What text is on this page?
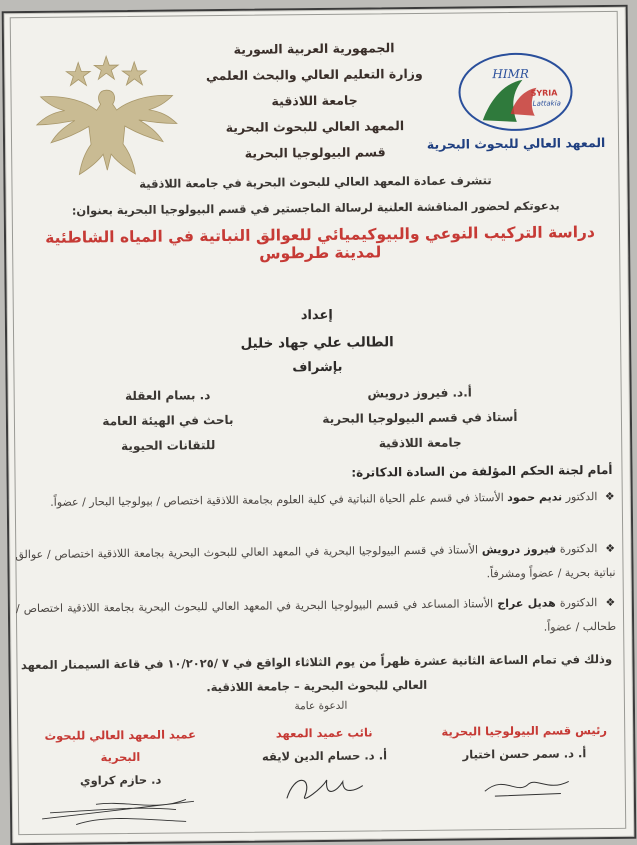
HIMR
SYRIA
Lattakia
المعهد العالي للبحوث البحرية
الجمهورية العربية السورية
وزارة التعليم العالي والبحث العلمي
جامعة اللاذقية
المعهد العالي للبحوث البحرية
قسم البيولوجيا البحرية
تتشرف عمادة المعهد العالي للبحوث البحرية في جامعة اللاذقية
بدعوتكم لحضور المناقشة العلنية لرسالة الماجستير في قسم البيولوجيا البحرية بعنوان:
دراسة التركيب النوعي والبيوكيميائي للعوالق النباتية في المياه الشاطئية لمدينة طرطوس
إعداد
الطالب علي جهاد خليل
بإشراف
أ.د. فيروز درويش
أستاذ في قسم البيولوجيا البحرية
جامعة اللاذقية
د. بسام العقلة
باحث في الهيئة العامة
للتقانات الحيوية
أمام لجنة الحكم المؤلفة من السادة الدكاترة:
❖ الدكتور نديم حمود الأستاذ في قسم علم الحياة النباتية في كلية العلوم بجامعة اللاذقية اختصاص / بيولوجيا البحار / عضواً.
❖ الدكتورة فيروز درويش الأستاذ في قسم البيولوجيا البحرية في المعهد العالي للبحوث البحرية بجامعة اللاذقية اختصاص / عوالق نباتية بحرية / عضواً ومشرفاً.
❖ الدكتورة هديل عراج الأستاذ المساعد في قسم البيولوجيا البحرية في المعهد العالي للبحوث البحرية بجامعة اللاذقية اختصاص / طحالب / عضواً.
وذلك في تمام الساعة الثانية عشرة ظهراً من يوم الثلاثاء الواقع في ٧ /١٠/٢٠٢٥ في قاعة السيمنار المعهد
العالي للبحوث البحرية – جامعة اللاذقية.
الدعوة عامة
رئيس قسم البيولوجيا البحرية
أ. د. سمر حسن اختيار
نائب عميد المعهد
أ. د. حسام الدين لايقه
عميد المعهد العالي للبحوث البحرية
د. حازم كراوي
